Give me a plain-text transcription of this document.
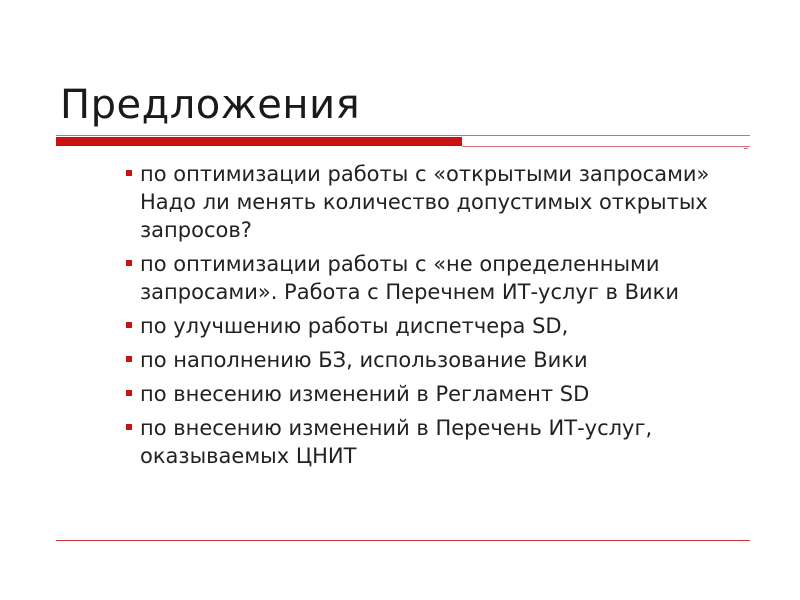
Предложения
по оптимизации работы с «открытыми запросами» Надо ли менять количество допустимых открытых запросов?
по оптимизации работы с «не определенными запросами». Работа с Перечнем ИТ-услуг в Вики
по улучшению работы диспетчера SD,
по наполнению БЗ, использование Вики
по внесению изменений в Регламент SD
по внесению изменений в Перечень ИТ-услуг, оказываемых ЦНИТ
